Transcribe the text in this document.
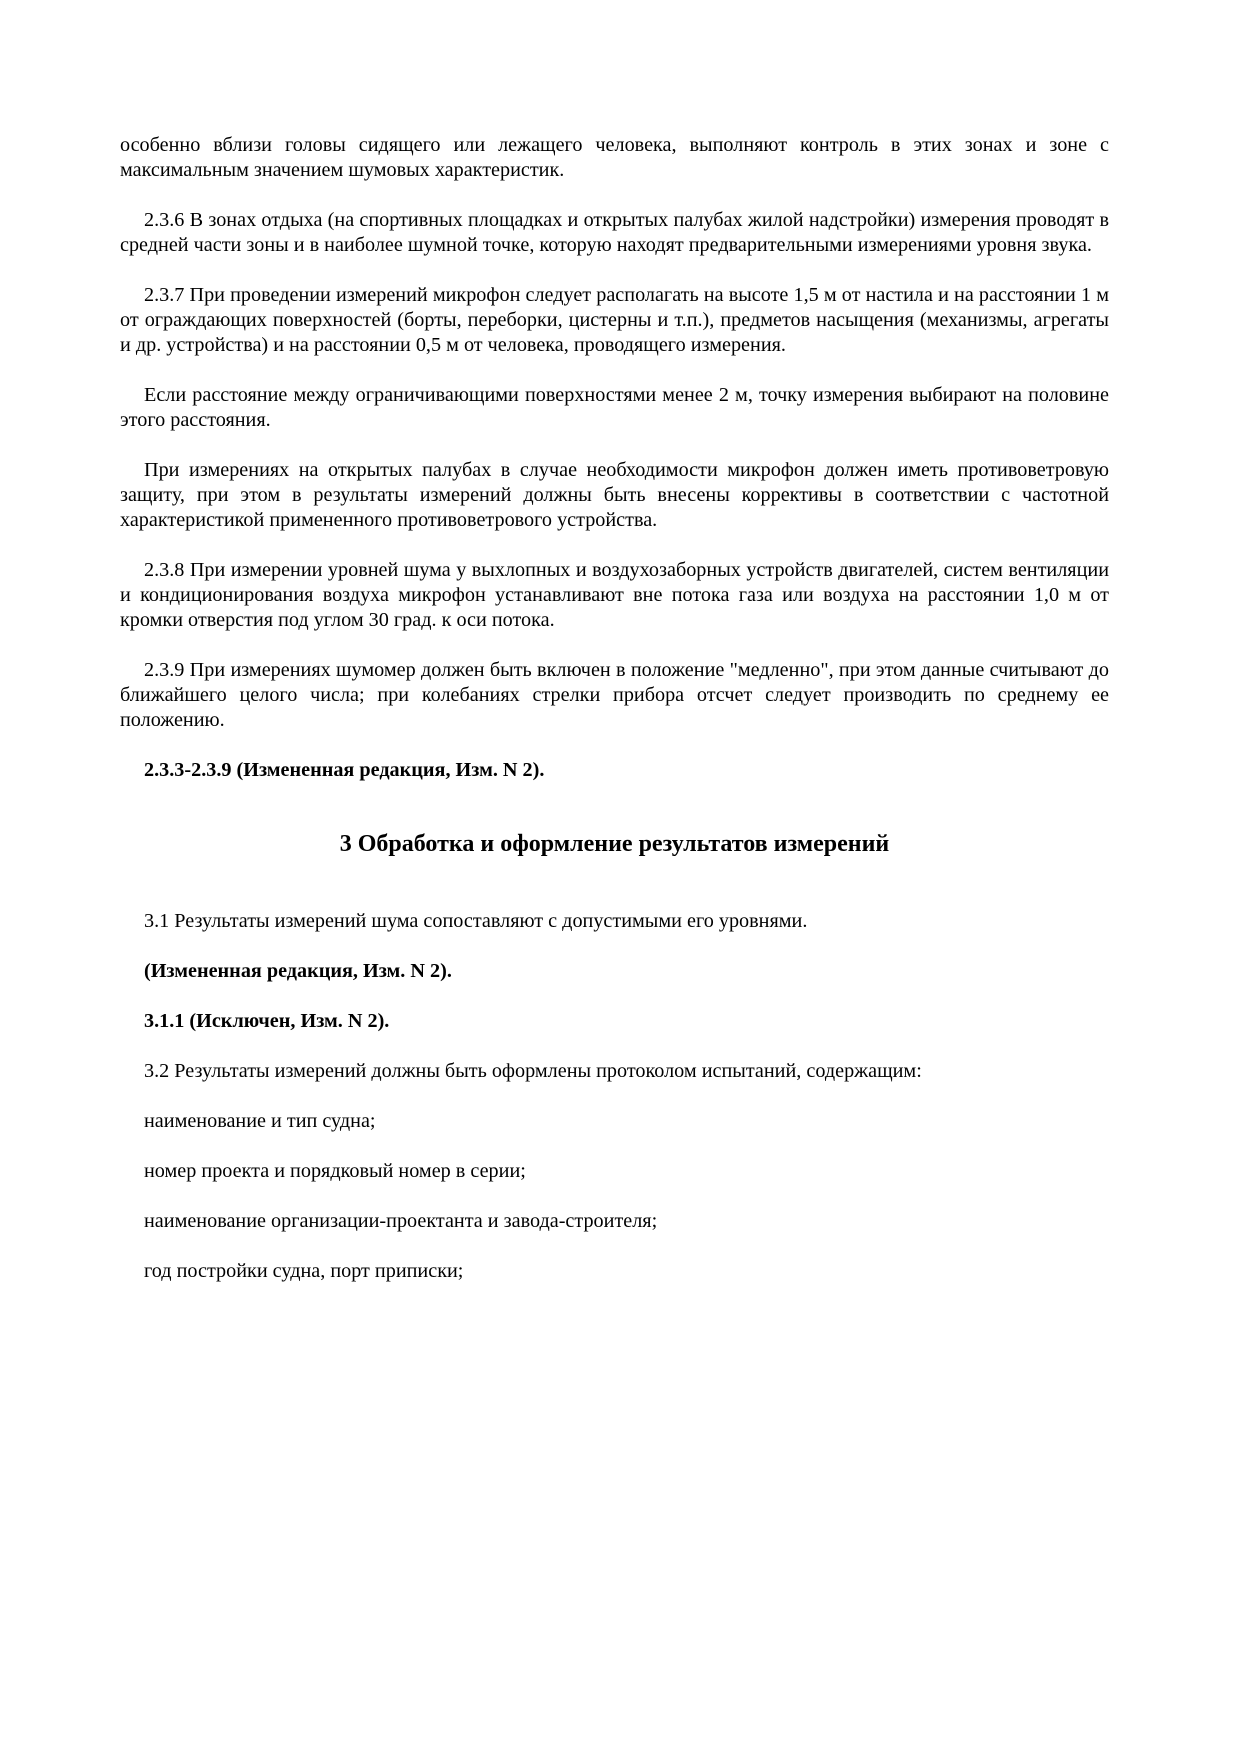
особенно вблизи головы сидящего или лежащего человека, выполняют контроль в этих зонах и зоне с максимальным значением шумовых характеристик.

2.3.6 В зонах отдыха (на спортивных площадках и открытых палубах жилой надстройки) измерения проводят в средней части зоны и в наиболее шумной точке, которую находят предварительными измерениями уровня звука.

2.3.7 При проведении измерений микрофон следует располагать на высоте 1,5 м от настила и на расстоянии 1 м от ограждающих поверхностей (борты, переборки, цистерны и т.п.), предметов насыщения (механизмы, агрегаты и др. устройства) и на расстоянии 0,5 м от человека, проводящего измерения.

Если расстояние между ограничивающими поверхностями менее 2 м, точку измерения выбирают на половине этого расстояния.

При измерениях на открытых палубах в случае необходимости микрофон должен иметь противоветровую защиту, при этом в результаты измерений должны быть внесены коррективы в соответствии с частотной характеристикой примененного противоветрового устройства.

2.3.8 При измерении уровней шума у выхлопных и воздухозаборных устройств двигателей, систем вентиляции и кондиционирования воздуха микрофон устанавливают вне потока газа или воздуха на расстоянии 1,0 м от кромки отверстия под углом 30 град. к оси потока.

2.3.9 При измерениях шумомер должен быть включен в положение "медленно", при этом данные считывают до ближайшего целого числа; при колебаниях стрелки прибора отсчет следует производить по среднему ее положению.

2.3.3-2.3.9 (Измененная редакция, Изм. N 2).

3 Обработка и оформление результатов измерений

3.1 Результаты измерений шума сопоставляют с допустимыми его уровнями.

(Измененная редакция, Изм. N 2).

3.1.1 (Исключен, Изм. N 2).

3.2 Результаты измерений должны быть оформлены протоколом испытаний, содержащим:

наименование и тип судна;

номер проекта и порядковый номер в серии;

наименование организации-проектанта и завода-строителя;

год постройки судна, порт приписки;
